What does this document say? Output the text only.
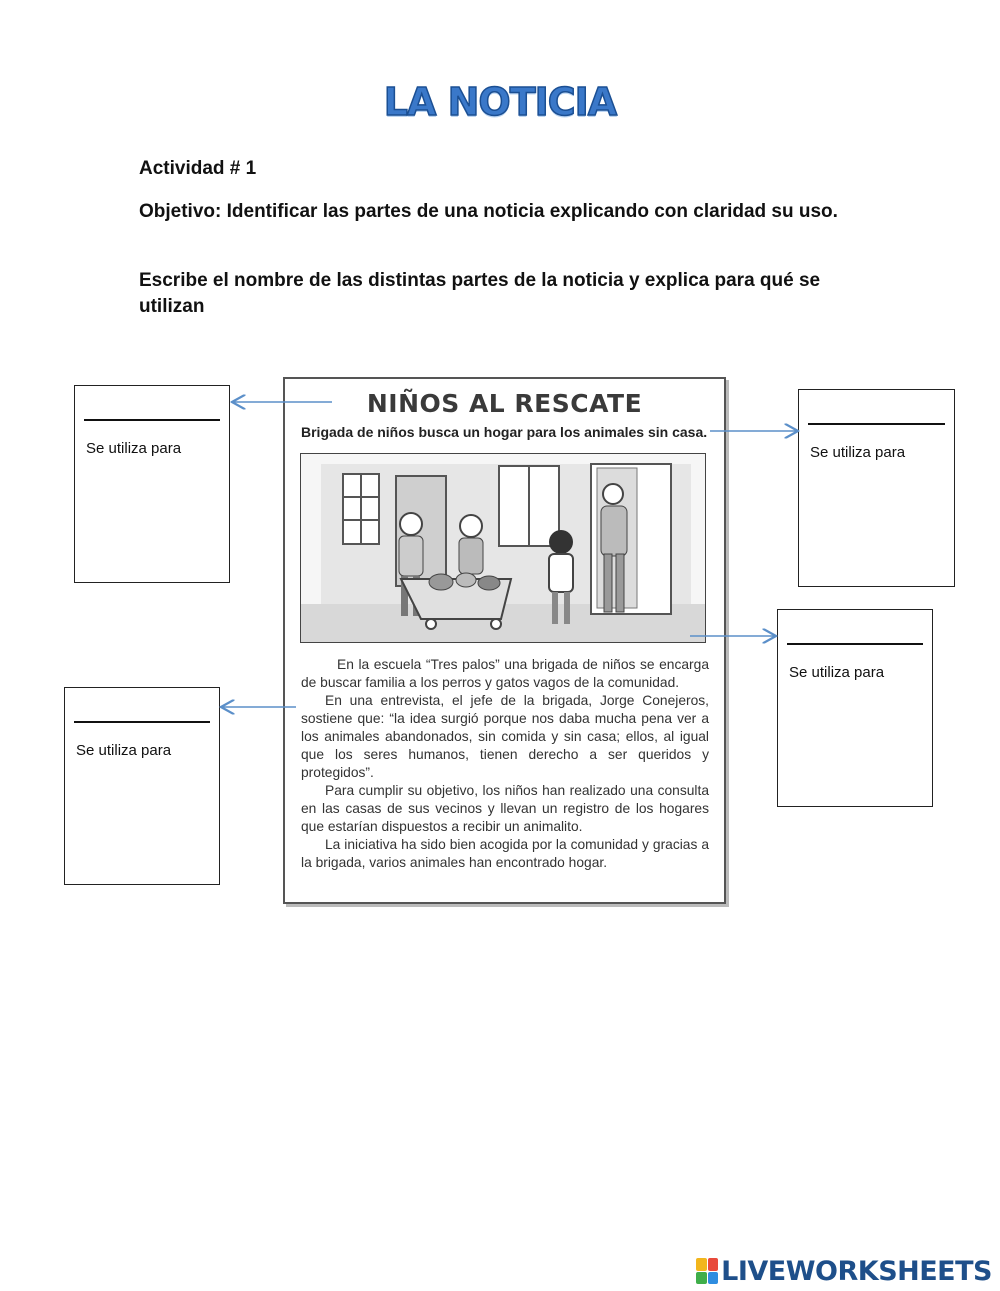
LA NOTICIA
Actividad # 1
Objetivo: Identificar las partes de una noticia explicando con claridad su uso.
Escribe el nombre de las distintas partes de la noticia y explica para qué se utilizan
Se utiliza para	Se utiliza para
Se utiliza para
Se utiliza para
NIÑOS AL RESCATE
Brigada de niños busca un hogar para los animales sin casa.

En la escuela “Tres palos” una brigada de niños se encarga de buscar familia a los perros y gatos vagos de la comunidad.

En una entrevista, el jefe de la brigada, Jorge Conejeros, sostiene que: “la idea surgió porque nos daba mucha pena ver a los animales abandonados, sin comida y sin casa; ellos, al igual que los seres humanos, tienen derecho a ser queridos y protegidos”.

Para cumplir su objetivo, los niños han realizado una consulta en las casas de sus vecinos y llevan un registro de los hogares que estarían dispuestos a recibir un animalito.

La iniciativa ha sido bien acogida por la comunidad y gracias a la brigada, varios animales han encontrado hogar.

LIVEWORKSHEETS
